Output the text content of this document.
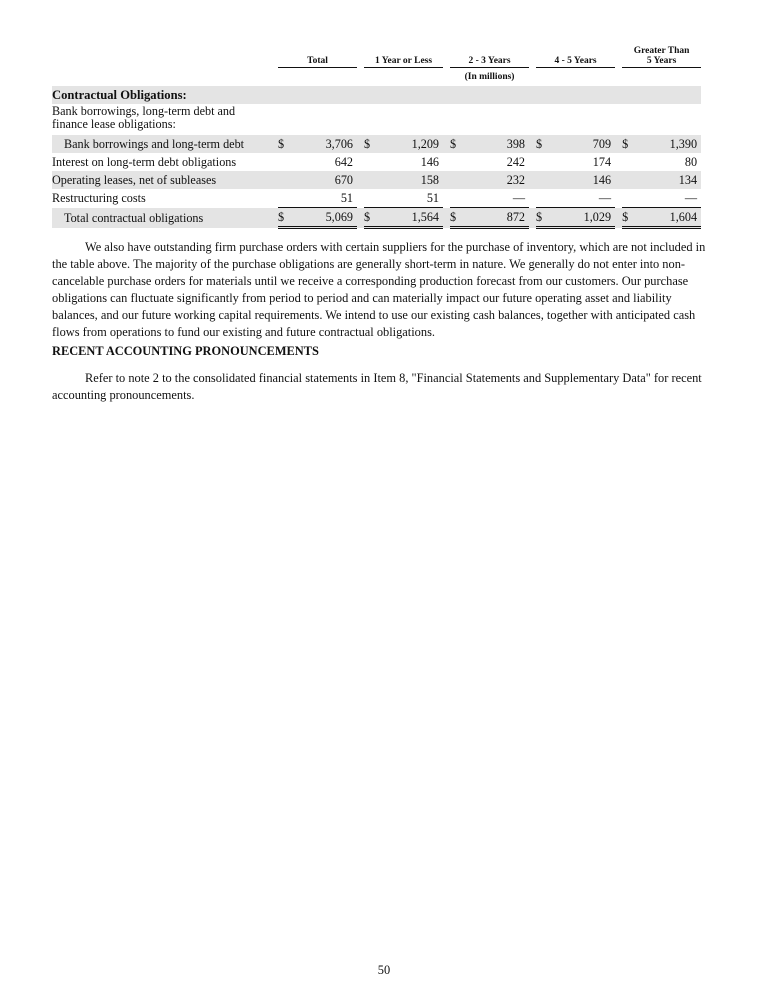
		Total				1 Year or Less				2 - 3 Years				4 - 5 Years				Greater Than
5 Years			
										(In millions)											
Contractual Obligations:																					
Bank borrowings, long-term debt and finance lease obligations:																					
Bank borrowings and long-term debt		$	3,706			$	1,209			$	398			$	709			$	1,390		
Interest on long-term debt obligations			642				146				242				174				80		
Operating leases, net of subleases			670				158				232				146				134		
Restructuring costs			51				51				—				—				—		
Total contractual obligations		$	5,069			$	1,564			$	872			$	1,029			$	1,604		

We also have outstanding firm purchase orders with certain suppliers for the purchase of inventory, which are not included in the table above. The majority of the purchase obligations are generally short-term in nature. We generally do not enter into non-cancelable purchase orders for materials until we receive a corresponding production forecast from our customers. Our purchase obligations can fluctuate significantly from period to period and can materially impact our future operating asset and liability balances, and our future working capital requirements. We intend to use our existing cash balances, together with anticipated cash flows from operations to fund our existing and future contractual obligations.

RECENT ACCOUNTING PRONOUNCEMENTS

Refer to note 2 to the consolidated financial statements in Item 8, "Financial Statements and Supplementary Data" for recent accounting pronouncements.

50
